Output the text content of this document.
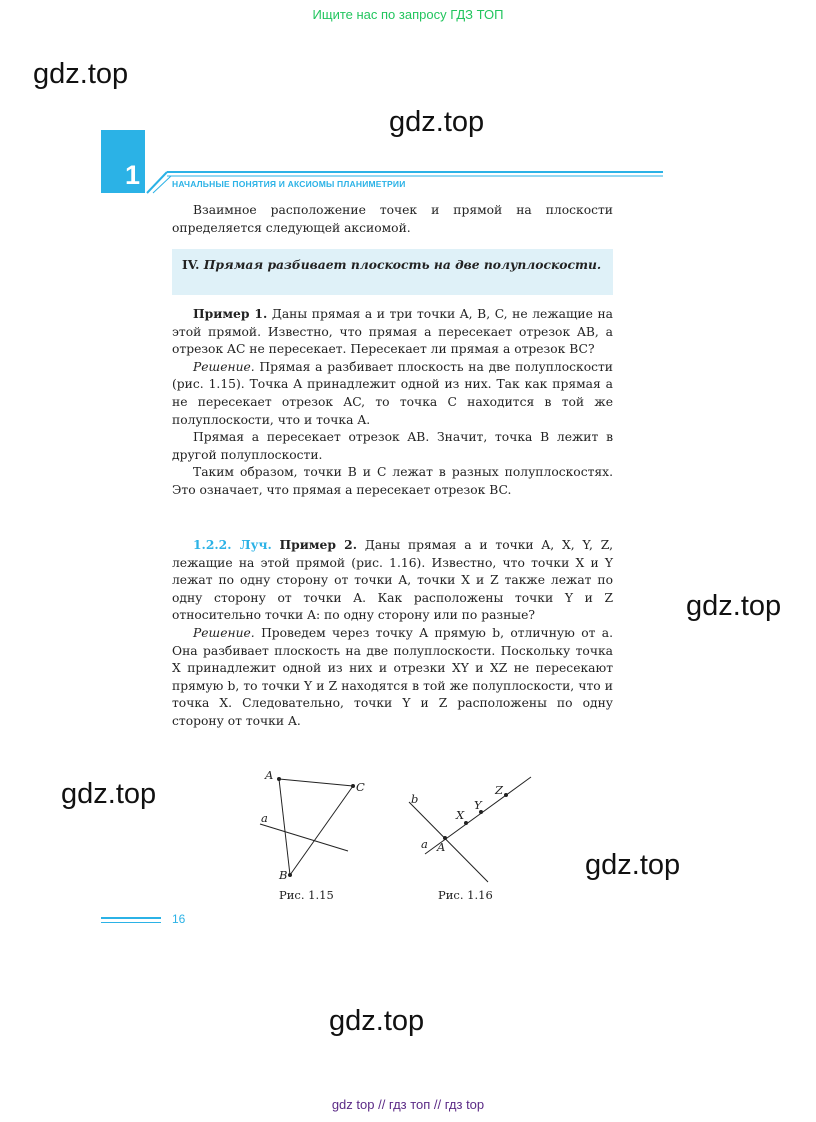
Ищите нас по запросу ГДЗ ТОП
gdz.top
gdz.top
gdz.top
gdz.top
gdz.top
gdz.top
1	НАЧАЛЬНЫЕ ПОНЯТИЯ И АКСИОМЫ ПЛАНИМЕТРИИ

Взаимное расположение точек и прямой на плоскости определяется следующей аксиомой.

IV. Прямая разбивает плоскость на две полуплоскости.

Пример 1. Даны прямая a и три точки A, B, C, не лежащие на этой прямой. Известно, что прямая a пересекает отрезок AB, а отрезок AC не пересекает. Пересекает ли прямая a отрезок BC?

Решение. Прямая a разбивает плоскость на две полуплоскости (рис. 1.15). Точка A принадлежит одной из них. Так как прямая a не пересекает отрезок AC, то точка C находится в той же полуплоскости, что и точка A.

Прямая a пересекает отрезок AB. Значит, точка B лежит в другой полуплоскости.

Таким образом, точки B и C лежат в разных полуплоскостях. Это означает, что прямая a пересекает отрезок BC.

1.2.2. Луч. Пример 2. Даны прямая a и точки A, X, Y, Z, лежащие на этой прямой (рис. 1.16). Известно, что точки X и Y лежат по одну сторону от точки A, точки X и Z также лежат по одну сторону от точки A. Как расположены точки Y и Z относительно точки A: по одну сторону или по разные?

Решение. Проведем через точку A прямую b, отличную от a. Она разбивает плоскость на две полуплоскости. Поскольку точка X принадлежит одной из них и отрезки XY и XZ не пересекают прямую b, то точки Y и Z находятся в той же полуплоскости, что и точка X. Следовательно, точки Y и Z расположены по одну сторону от точки A.

A
C
B
a
Рис. 1.15
b
a A
X
Y
Z
Рис. 1.16
16
gdz top // гдз топ // гдз top
